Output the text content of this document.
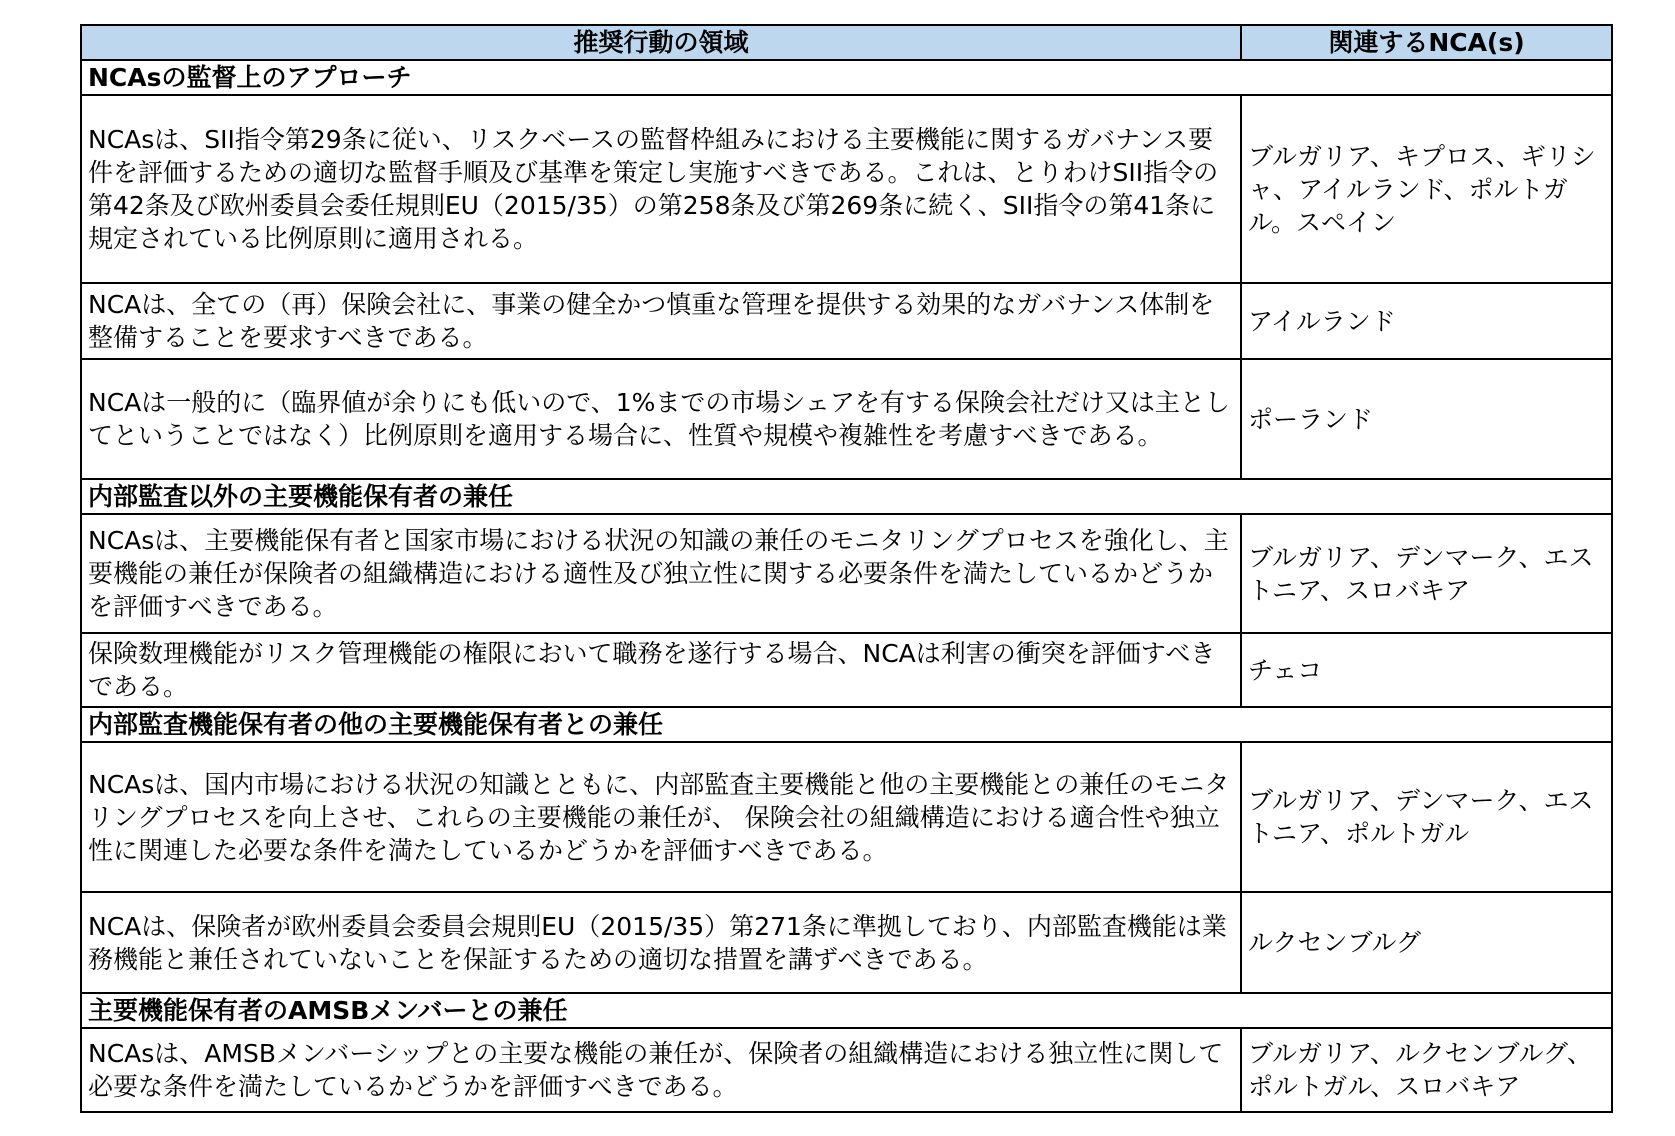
推奨行動の領域	関連するNCA(s)
NCAsの監督上のアプローチ	
NCAsは、SII指令第29条に従い、リスクベースの監督枠組みにおける主要機能に関するガバナンス要件を評価するための適切な監督手順及び基準を策定し実施すべきである。これは、とりわけSII指令の第42条及び欧州委員会委任規則EU（2015/35）の第258条及び第269条に続く、SII指令の第41条に規定されている比例原則に適用される。	ブルガリア、キプロス、ギリシャ、アイルランド、ポルトガル。スペイン
NCAは、全ての（再）保険会社に、事業の健全かつ慎重な管理を提供する効果的なガバナンス体制を整備することを要求すべきである。	アイルランド
NCAは一般的に（臨界値が余りにも低いので、1%までの市場シェアを有する保険会社だけ又は主としてということではなく）比例原則を適用する場合に、性質や規模や複雑性を考慮すべきである。	ポーランド
内部監査以外の主要機能保有者の兼任	
NCAsは、主要機能保有者と国家市場における状況の知識の兼任のモニタリングプロセスを強化し、主要機能の兼任が保険者の組織構造における適性及び独立性に関する必要条件を満たしているかどうかを評価すべきである。	ブルガリア、デンマーク、エストニア、スロバキア
保険数理機能がリスク管理機能の権限において職務を遂行する場合、NCAは利害の衝突を評価すべきである。	チェコ
内部監査機能保有者の他の主要機能保有者との兼任	
NCAsは、国内市場における状況の知識とともに、内部監査主要機能と他の主要機能との兼任のモニタリングプロセスを向上させ、これらの主要機能の兼任が、 保険会社の組織構造における適合性や独立性に関連した必要な条件を満たしているかどうかを評価すべきである。	ブルガリア、デンマーク、エストニア、ポルトガル
NCAは、保険者が欧州委員会委員会規則EU（2015/35）第271条に準拠しており、内部監査機能は業務機能と兼任されていないことを保証するための適切な措置を講ずべきである。	ルクセンブルグ
主要機能保有者のAMSBメンバーとの兼任	
NCAsは、AMSBメンバーシップとの主要な機能の兼任が、保険者の組織構造における独立性に関して必要な条件を満たしているかどうかを評価すべきである。	ブルガリア、ルクセンブルグ、ポルトガル、スロバキア
